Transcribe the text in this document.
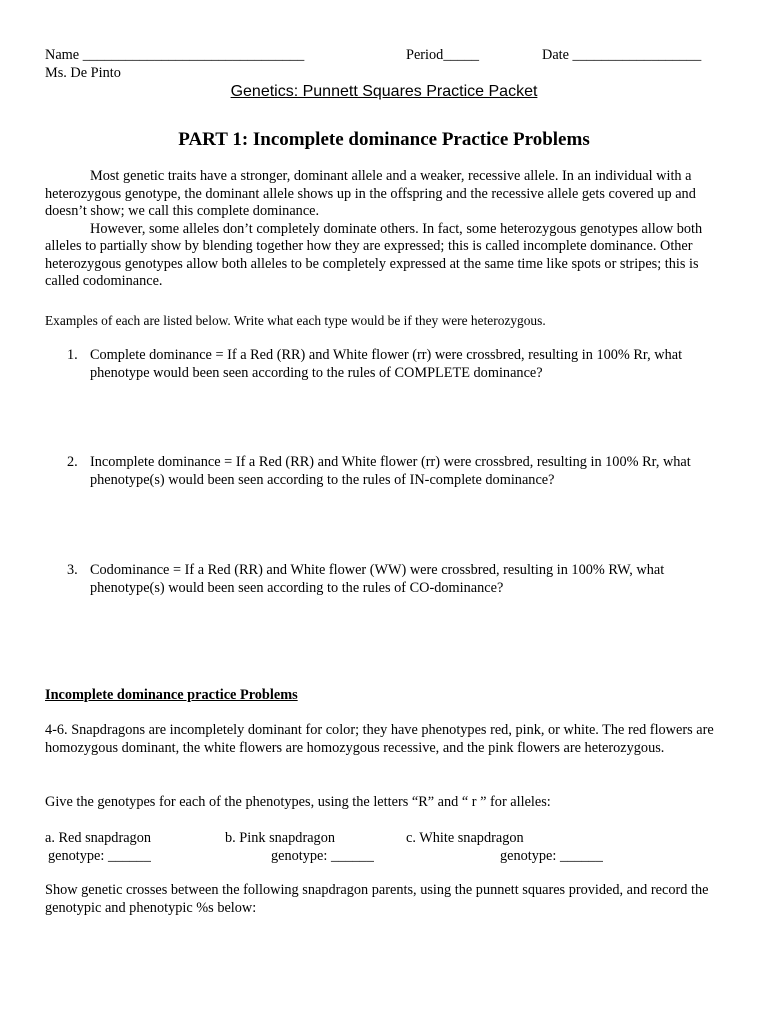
Name _______________________________	Period_____	Date __________________
Ms. De Pinto
Genetics: Punnett Squares Practice Packet
PART 1: Incomplete dominance Practice Problems

Most genetic traits have a stronger, dominant allele and a weaker, recessive allele. In an individual with a heterozygous genotype, the dominant allele shows up in the offspring and the recessive allele gets covered up and doesn’t show; we call this complete dominance.

However, some alleles don’t completely dominate others. In fact, some heterozygous genotypes allow both alleles to partially show by blending together how they are expressed; this is called incomplete dominance. Other heterozygous genotypes allow both alleles to be completely expressed at the same time like spots or stripes; this is called codominance.

Examples of each are listed below. Write what each type would be if they were heterozygous.
1. Complete dominance = If a Red (RR) and White flower (rr) were crossbred, resulting in 100% Rr, what phenotype would been seen according to the rules of COMPLETE dominance?
2. Incomplete dominance = If a Red (RR) and White flower (rr) were crossbred, resulting in 100% Rr, what phenotype(s) would been seen according to the rules of IN-complete dominance?
3. Codominance = If a Red (RR) and White flower (WW) were crossbred, resulting in 100% RW, what phenotype(s) would been seen according to the rules of CO-dominance?
Incomplete dominance practice Problems
4-6. Snapdragons are incompletely dominant for color; they have phenotypes red, pink, or white. The red flowers are homozygous dominant, the white flowers are homozygous recessive, and the pink flowers are heterozygous.
Give the genotypes for each of the phenotypes, using the letters “R” and “ r ” for alleles:
a. Red snapdragon	b. Pink snapdragon	c. White snapdragon
genotype: ______	genotype: ______	genotype: ______
Show genetic crosses between the following snapdragon parents, using the punnett squares provided, and record the genotypic and phenotypic %s below:
